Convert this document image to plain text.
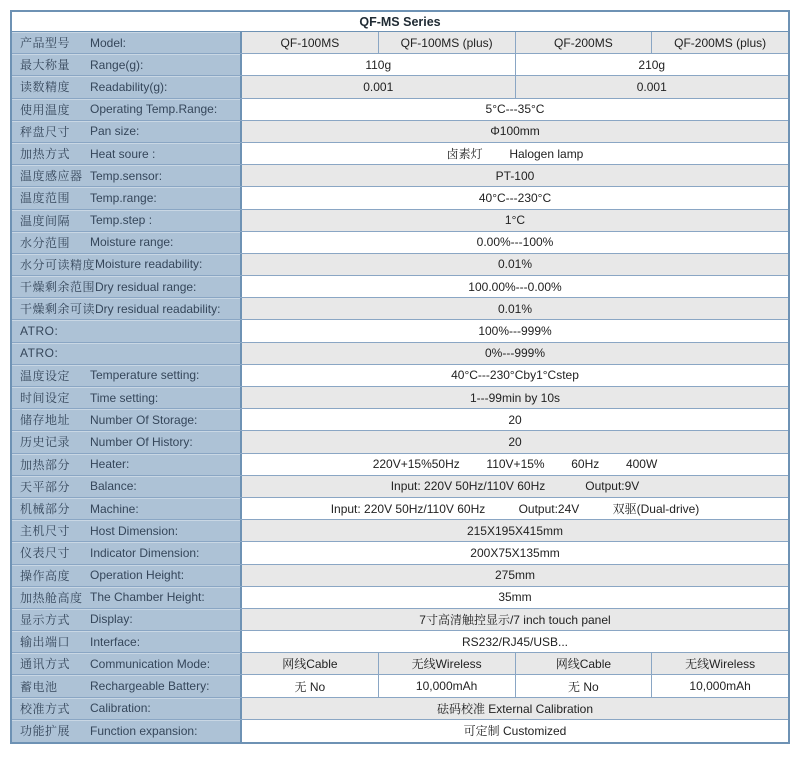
QF-MS Series
产品型号	Model:	QF-100MS	QF-100MS (plus)	QF-200MS	QF-200MS (plus)
最大称量	Range(g):	110g	210g
读数精度	Readability(g):	0.001	0.001
使用温度	Operating Temp.Range:	5°C---35°C
秤盘尺寸	Pan size:	Φ100mm
加热方式	Heat soure :	卤素灯        Halogen lamp
温度感应器 Temp.sensor:	PT-100
温度范围	Temp.range:	40°C---230°C
温度间隔	Temp.step :	1°C
水分范围	Moisture range:	0.00%---100%
水分可读精度 Moisture readability:	0.01%
干燥剩余范围 Dry residual range:	100.00%---0.00%
干燥剩余可读 Dry residual readability:	0.01%
ATRO:	100%---999%
ATRO:	0%---999%
温度设定	Temperature setting:	40°C---230°Cby1°Cstep
时间设定	Time setting:	1---99min by 10s
储存地址	Number Of Storage:	20
历史记录	Number Of History:	20
加热部分	Heater:	220V+15%50Hz        110V+15%        60Hz        400W
天平部分	Balance:	Input: 220V 50Hz/110V 60Hz            Output:9V
机械部分	Machine:	Input: 220V 50Hz/110V 60Hz          Output:24V          双驱(Dual-drive)
主机尺寸	Host Dimension:	215X195X415mm
仪表尺寸	Indicator Dimension:	200X75X135mm
操作高度	Operation Height:	275mm
加热舱高度 The Chamber Height:	35mm
显示方式	Display:	7寸高清触控显示/7 inch touch panel
输出端口	Interface:	RS232/RJ45/USB...
通讯方式	Communication Mode:	网线Cable	无线Wireless	网线Cable	无线Wireless
蓄电池	Rechargeable Battery:	无 No	10,000mAh	无 No	10,000mAh
校准方式	Calibration:	砝码校准 External Calibration
功能扩展	Function expansion:	可定制 Customized
